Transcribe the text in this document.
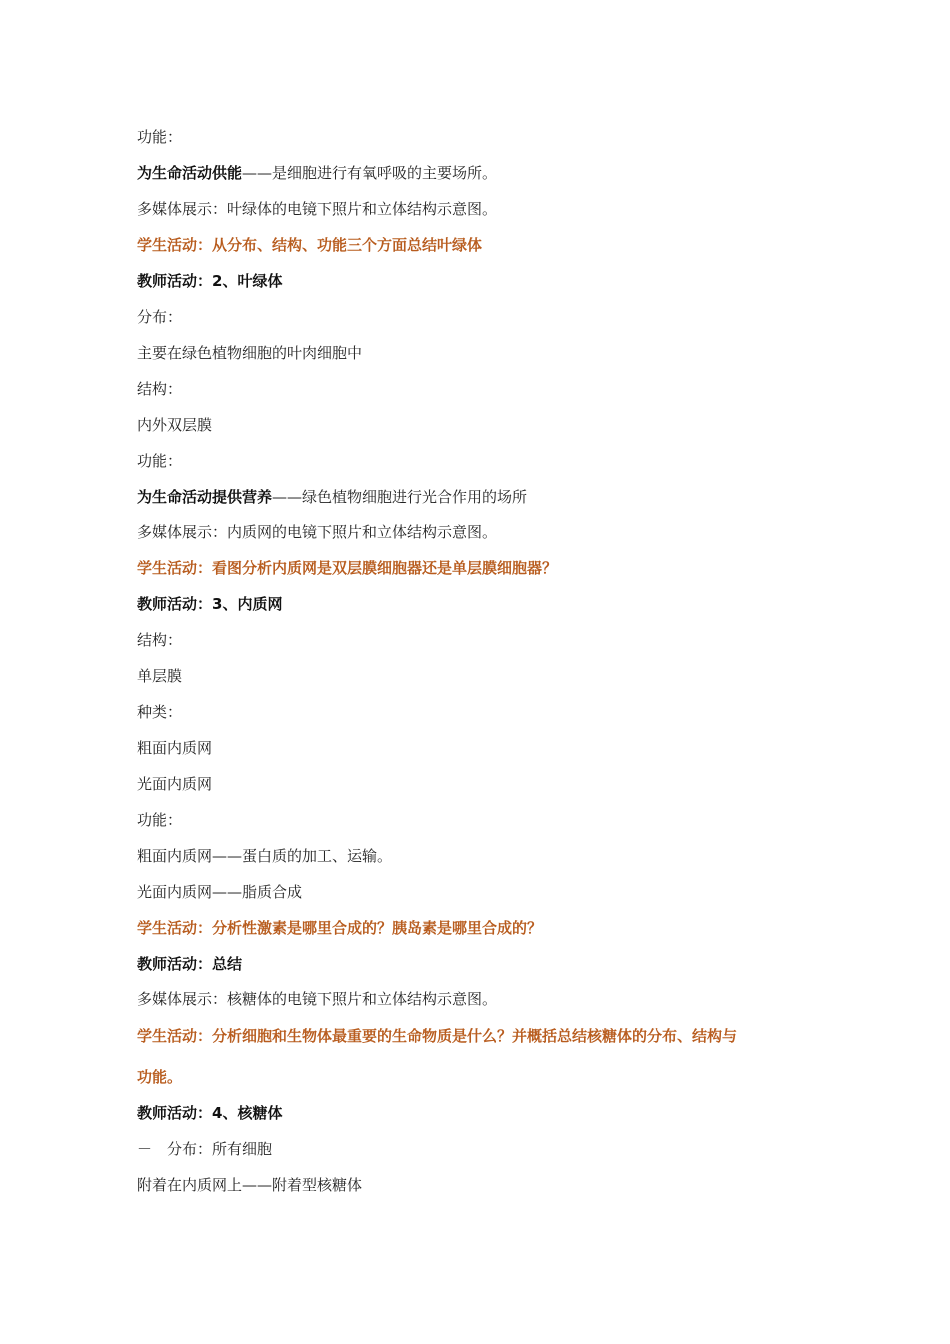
功能：
为生命活动供能——是细胞进行有氧呼吸的主要场所。
多媒体展示：叶绿体的电镜下照片和立体结构示意图。
学生活动：从分布、结构、功能三个方面总结叶绿体
教师活动：2、叶绿体
分布：
主要在绿色植物细胞的叶肉细胞中
结构：
内外双层膜
功能：
为生命活动提供营养——绿色植物细胞进行光合作用的场所
多媒体展示：内质网的电镜下照片和立体结构示意图。
学生活动：看图分析内质网是双层膜细胞器还是单层膜细胞器？
教师活动：3、内质网
结构：
单层膜
种类：
粗面内质网
光面内质网
功能：
粗面内质网——蛋白质的加工、运输。
光面内质网——脂质合成
学生活动：分析性激素是哪里合成的？胰岛素是哪里合成的？
教师活动：总结
多媒体展示：核糖体的电镜下照片和立体结构示意图。
学生活动：分析细胞和生物体最重要的生命物质是什么？并概括总结核糖体的分布、结构与
功能。
教师活动：4、核糖体
－　分布：所有细胞
附着在内质网上——附着型核糖体
